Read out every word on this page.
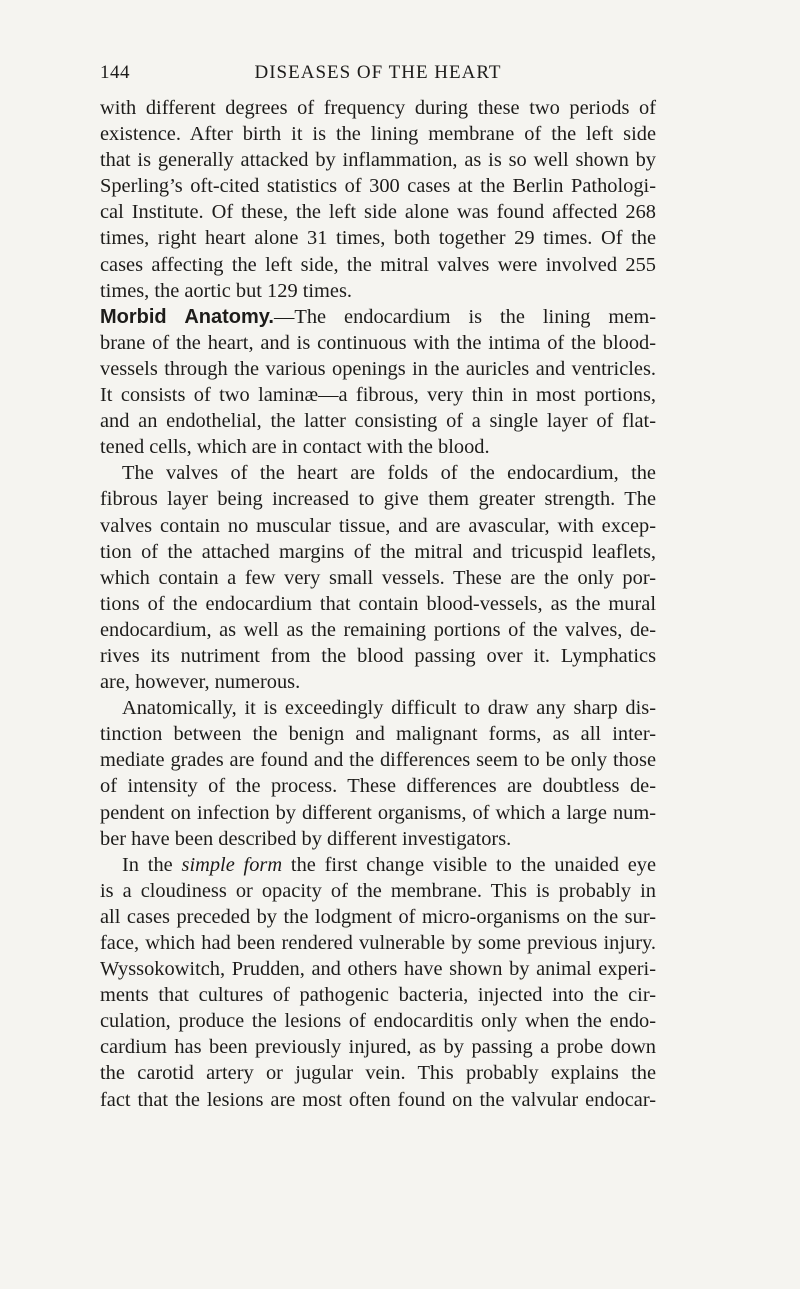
144	DISEASES OF THE HEART
with different degrees of frequency during these two periods of
existence. After birth it is the lining membrane of the left side
that is generally attacked by inflammation, as is so well shown by
Sperling’s oft-cited statistics of 300 cases at the Berlin Pathologi-
cal Institute. Of these, the left side alone was found affected 268
times, right heart alone 31 times, both together 29 times. Of the
cases affecting the left side, the mitral valves were involved 255
times, the aortic but 129 times.
Morbid Anatomy.—The endocardium is the lining mem-
brane of the heart, and is continuous with the intima of the blood-
vessels through the various openings in the auricles and ventricles.
It consists of two laminæ—a fibrous, very thin in most portions,
and an endothelial, the latter consisting of a single layer of flat-
tened cells, which are in contact with the blood.
The valves of the heart are folds of the endocardium, the
fibrous layer being increased to give them greater strength. The
valves contain no muscular tissue, and are avascular, with excep-
tion of the attached margins of the mitral and tricuspid leaflets,
which contain a few very small vessels. These are the only por-
tions of the endocardium that contain blood-vessels, as the mural
endocardium, as well as the remaining portions of the valves, de-
rives its nutriment from the blood passing over it. Lymphatics
are, however, numerous.
Anatomically, it is exceedingly difficult to draw any sharp dis-
tinction between the benign and malignant forms, as all inter-
mediate grades are found and the differences seem to be only those
of intensity of the process. These differences are doubtless de-
pendent on infection by different organisms, of which a large num-
ber have been described by different investigators.
In the simple form the first change visible to the unaided eye
is a cloudiness or opacity of the membrane. This is probably in
all cases preceded by the lodgment of micro-organisms on the sur-
face, which had been rendered vulnerable by some previous injury.
Wyssokowitch, Prudden, and others have shown by animal experi-
ments that cultures of pathogenic bacteria, injected into the cir-
culation, produce the lesions of endocarditis only when the endo-
cardium has been previously injured, as by passing a probe down
the carotid artery or jugular vein. This probably explains the
fact that the lesions are most often found on the valvular endocar-
